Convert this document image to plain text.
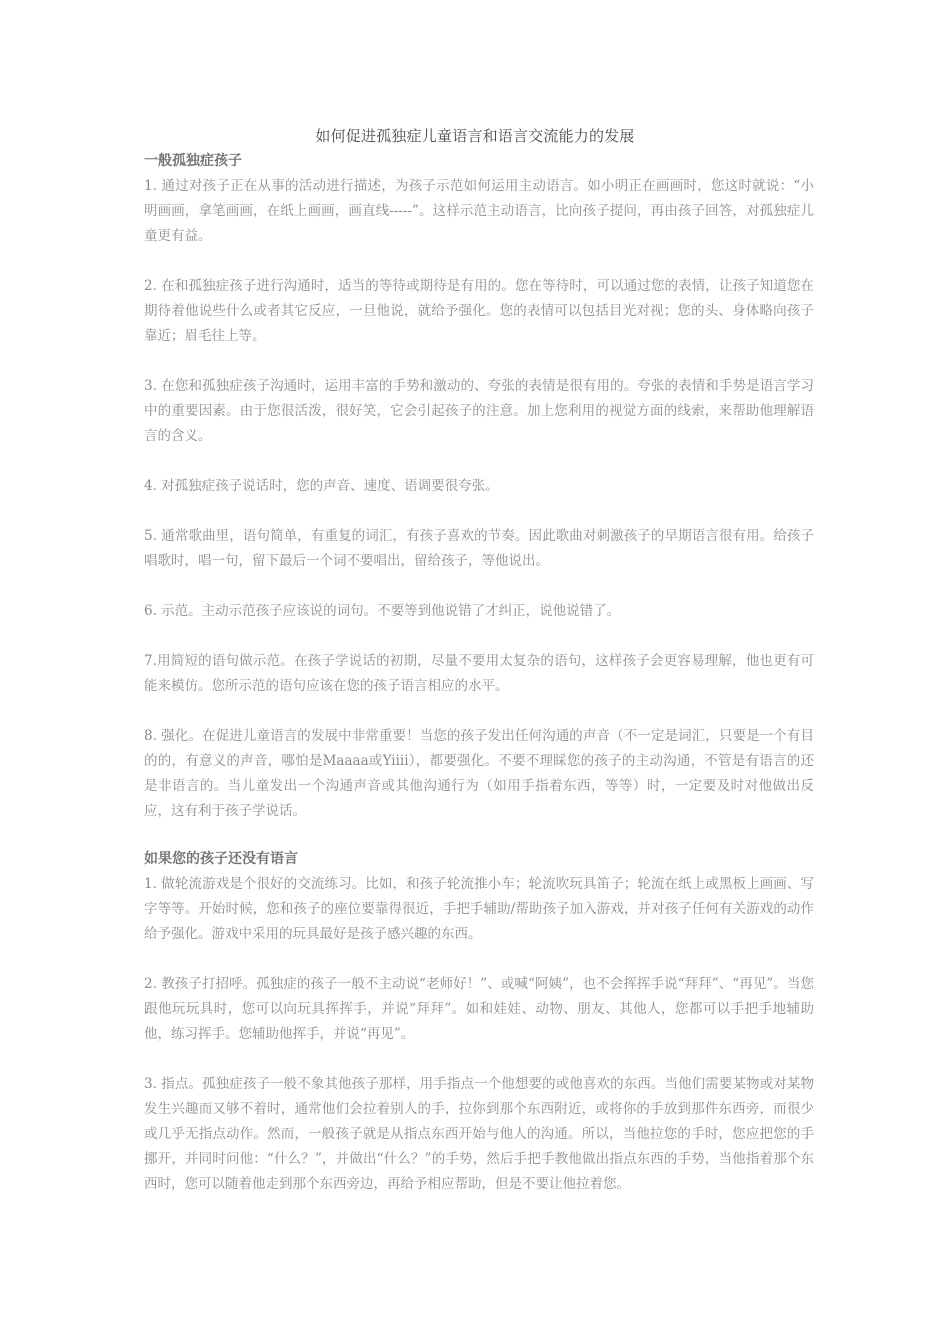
如何促进孤独症儿童语言和语言交流能力的发展
一般孤独症孩子

1. 通过对孩子正在从事的活动进行描述，为孩子示范如何运用主动语言。如小明正在画画时，您这时就说：“小明画画，拿笔画画，在纸上画画，画直线-----”。这样示范主动语言，比向孩子提问，再由孩子回答，对孤独症儿童更有益。

2. 在和孤独症孩子进行沟通时，适当的等待或期待是有用的。您在等待时，可以通过您的表情，让孩子知道您在期待着他说些什么或者其它反应，一旦他说，就给予强化。您的表情可以包括目光对视；您的头、身体略向孩子靠近；眉毛往上等。

3. 在您和孤独症孩子沟通时，运用丰富的手势和激动的、夸张的表情是很有用的。夸张的表情和手势是语言学习中的重要因素。由于您很活泼，很好笑，它会引起孩子的注意。加上您利用的视觉方面的线索，来帮助他理解语言的含义。

4. 对孤独症孩子说话时，您的声音、速度、语调要很夸张。

5. 通常歌曲里，语句简单，有重复的词汇，有孩子喜欢的节奏。因此歌曲对刺激孩子的早期语言很有用。给孩子唱歌时，唱一句，留下最后一个词不要唱出，留给孩子，等他说出。

6. 示范。主动示范孩子应该说的词句。不要等到他说错了才纠正，说他说错了。

7.用简短的语句做示范。在孩子学说话的初期，尽量不要用太复杂的语句，这样孩子会更容易理解，他也更有可能来模仿。您所示范的语句应该在您的孩子语言相应的水平。

8. 强化。在促进儿童语言的发展中非常重要！当您的孩子发出任何沟通的声音（不一定是词汇，只要是一个有目的的，有意义的声音，哪怕是Maaaa或Yiiii），都要强化。不要不理睬您的孩子的主动沟通，不管是有语言的还是非语言的。当儿童发出一个沟通声音或其他沟通行为（如用手指着东西，等等）时，一定要及时对他做出反应，这有利于孩子学说话。

如果您的孩子还没有语言

1. 做轮流游戏是个很好的交流练习。比如，和孩子轮流推小车；轮流吹玩具笛子；轮流在纸上或黑板上画画、写字等等。开始时候，您和孩子的座位要靠得很近，手把手辅助/帮助孩子加入游戏，并对孩子任何有关游戏的动作给予强化。游戏中采用的玩具最好是孩子感兴趣的东西。

2. 教孩子打招呼。孤独症的孩子一般不主动说“老师好！”、或喊“阿姨”，也不会挥挥手说“拜拜”、“再见”。当您跟他玩玩具时，您可以向玩具挥挥手，并说“拜拜”。如和娃娃、动物、朋友、其他人，您都可以手把手地辅助他，练习挥手。您辅助他挥手，并说“再见”。

3. 指点。孤独症孩子一般不象其他孩子那样，用手指点一个他想要的或他喜欢的东西。当他们需要某物或对某物发生兴趣而又够不着时，通常他们会拉着别人的手，拉你到那个东西附近，或将你的手放到那件东西旁，而很少或几乎无指点动作。然而，一般孩子就是从指点东西开始与他人的沟通。所以，当他拉您的手时，您应把您的手挪开，并同时问他：“什么？”，并做出“什么？”的手势，然后手把手教他做出指点东西的手势，当他指着那个东西时，您可以随着他走到那个东西旁边，再给予相应帮助，但是不要让他拉着您。
